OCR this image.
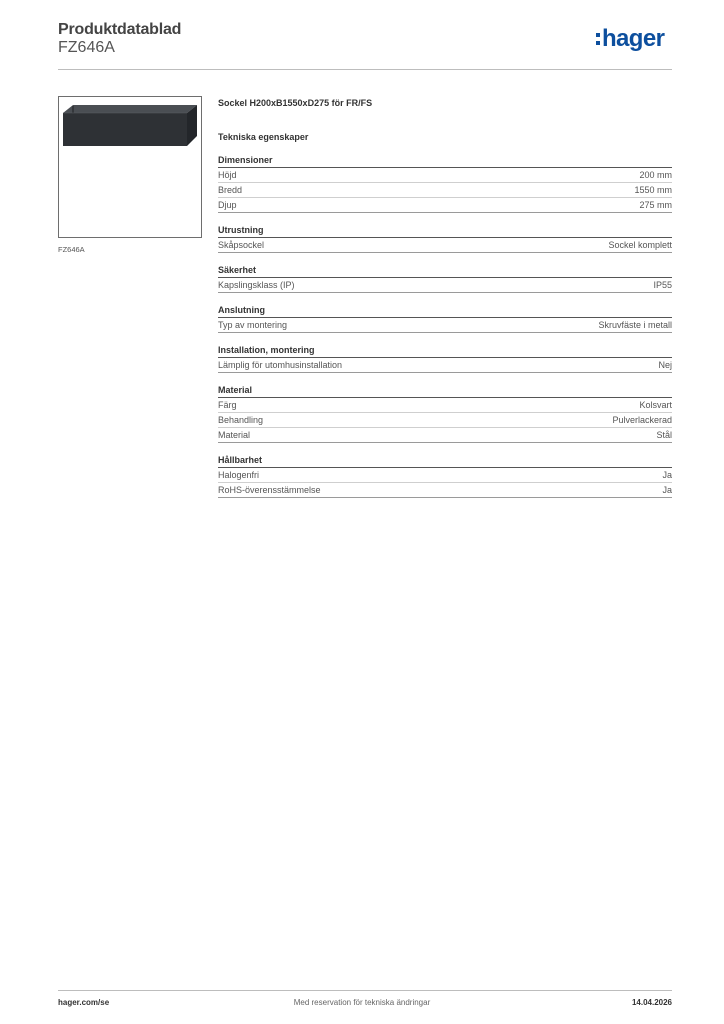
Produktdatablad
FZ646A	hager
FZ646A
Sockel H200xB1550xD275 för FR/FS
Tekniska egenskaper
Dimensioner
Höjd	200 mm
Bredd	1550 mm
Djup	275 mm
Utrustning
Skåpsockel	Sockel komplett
Säkerhet
Kapslingsklass (IP)	IP55
Anslutning
Typ av montering	Skruvfäste i metall
Installation, montering
Lämplig för utomhusinstallation	Nej
Material
Färg	Kolsvart
Behandling	Pulverlackerad
Material	Stål
Hållbarhet
Halogenfri	Ja
RoHS-överensstämmelse	Ja
hager.com/se	Med reservation för tekniska ändringar	14.04.2026
